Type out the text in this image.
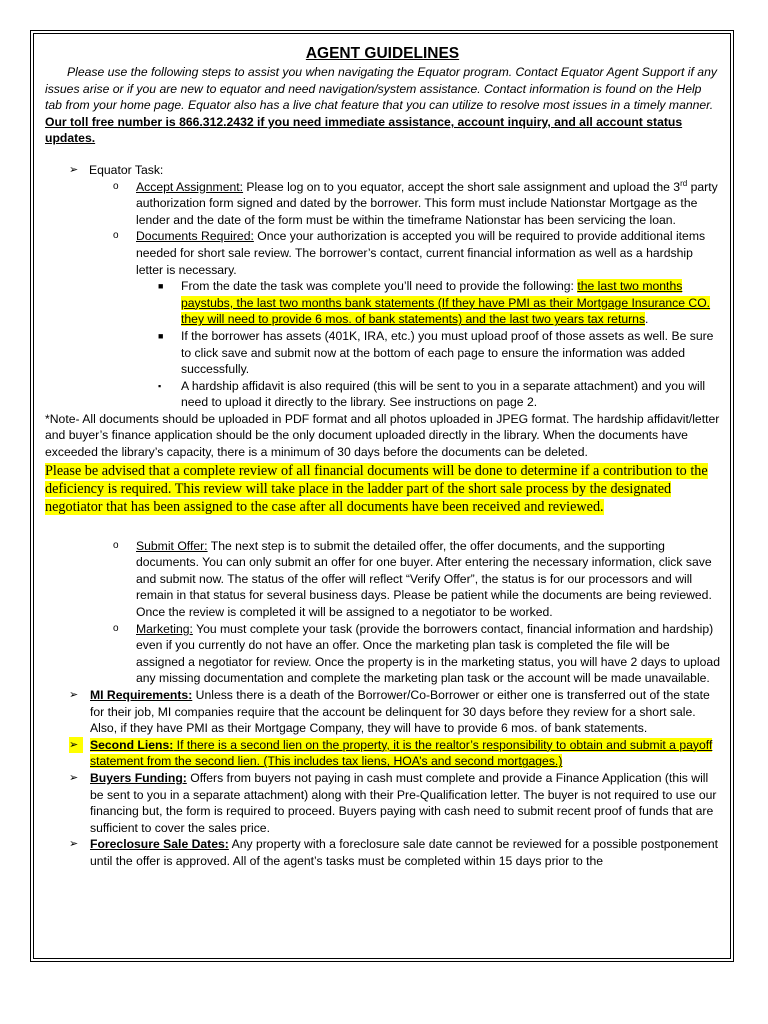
AGENT GUIDELINES
Please use the following steps to assist you when navigating the Equator program. Contact Equator Agent Support if any issues arise or if you are new to equator and need navigation/system assistance. Contact information is found on the Help tab from your home page. Equator also has a live chat feature that you can utilize to resolve most issues in a timely manner. Our toll free number is 866.312.2432 if you need immediate assistance, account inquiry, and all account status updates.
➢ Equator Task:
o Accept Assignment: Please log on to you equator, accept the short sale assignment and upload the 3rd party authorization form signed and dated by the borrower. This form must include Nationstar Mortgage as the lender and the date of the form must be within the timeframe Nationstar has been servicing the loan.
o Documents Required: Once your authorization is accepted you will be required to provide additional items needed for short sale review. The borrower’s contact, current financial information as well as a hardship letter is necessary.
■ From the date the task was complete you’ll need to provide the following: the last two months paystubs, the last two months bank statements (If they have PMI as their Mortgage Insurance CO. they will need to provide 6 mos. of bank statements) and the last two years tax returns.
■ If the borrower has assets (401K, IRA, etc.) you must upload proof of those assets as well. Be sure to click save and submit now at the bottom of each page to ensure the information was added successfully.
▪ A hardship affidavit is also required (this will be sent to you in a separate attachment) and you will need to upload it directly to the library. See instructions on page 2.
*Note- All documents should be uploaded in PDF format and all photos uploaded in JPEG format. The hardship affidavit/letter and buyer’s finance application should be the only document uploaded directly in the library. When the documents have exceeded the library’s capacity, there is a minimum of 30 days before the documents can be deleted.
Please be advised that a complete review of all financial documents will be done to determine if a contribution to the deficiency is required. This review will take place in the ladder part of the short sale process by the designated negotiator that has been assigned to the case after all documents have been received and reviewed.
o Submit Offer: The next step is to submit the detailed offer, the offer documents, and the supporting documents. You can only submit an offer for one buyer. After entering the necessary information, click save and submit now. The status of the offer will reflect “Verify Offer”, the status is for our processors and will remain in that status for several business days. Please be patient while the documents are being reviewed. Once the review is completed it will be assigned to a negotiator to be worked.
o Marketing: You must complete your task (provide the borrowers contact, financial information and hardship) even if you currently do not have an offer. Once the marketing plan task is completed the file will be assigned a negotiator for review. Once the property is in the marketing status, you will have 2 days to upload any missing documentation and complete the marketing plan task or the account will be made unavailable.
➢ MI Requirements: Unless there is a death of the Borrower/Co-Borrower or either one is transferred out of the state for their job, MI companies require that the account be delinquent for 30 days before they review for a short sale. Also, if they have PMI as their Mortgage Company, they will have to provide 6 mos. of bank statements.
➢ Second Liens: If there is a second lien on the property, it is the realtor’s responsibility to obtain and submit a payoff statement from the second lien. (This includes tax liens, HOA’s and second mortgages.)
➢ Buyers Funding: Offers from buyers not paying in cash must complete and provide a Finance Application (this will be sent to you in a separate attachment) along with their Pre-Qualification letter. The buyer is not required to use our financing but, the form is required to proceed. Buyers paying with cash need to submit recent proof of funds that are sufficient to cover the sales price.
➢ Foreclosure Sale Dates: Any property with a foreclosure sale date cannot be reviewed for a possible postponement until the offer is approved. All of the agent’s tasks must be completed within 15 days prior to the
